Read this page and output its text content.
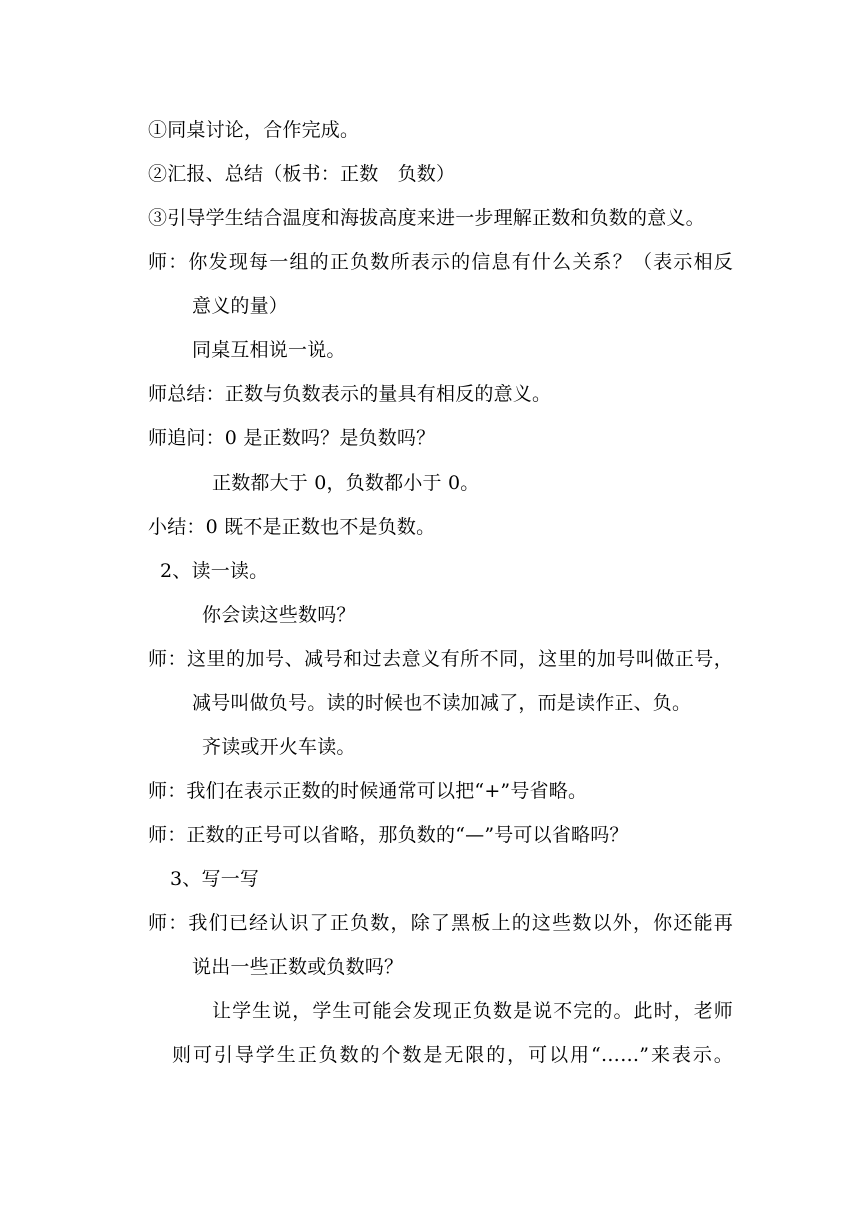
①同桌讨论，合作完成。
②汇报、总结（板书：正数　负数）
③引导学生结合温度和海拔高度来进一步理解正数和负数的意义。
师：你发现每一组的正负数所表示的信息有什么关系？（表示相反
意义的量）
同桌互相说一说。
师总结：正数与负数表示的量具有相反的意义。
师追问：0 是正数吗？是负数吗？
正数都大于 0，负数都小于 0。
小结：0 既不是正数也不是负数。
2、读一读。
你会读这些数吗？
师：这里的加号、减号和过去意义有所不同，这里的加号叫做正号，
减号叫做负号。读的时候也不读加减了，而是读作正、负。
齐读或开火车读。
师：我们在表示正数的时候通常可以把“+”号省略。
师：正数的正号可以省略，那负数的“—”号可以省略吗？
3、写一写
师：我们已经认识了正负数，除了黑板上的这些数以外，你还能再
说出一些正数或负数吗？
让学生说，学生可能会发现正负数是说不完的。此时，老师
则可引导学生正负数的个数是无限的，可以用“……”来表示。
